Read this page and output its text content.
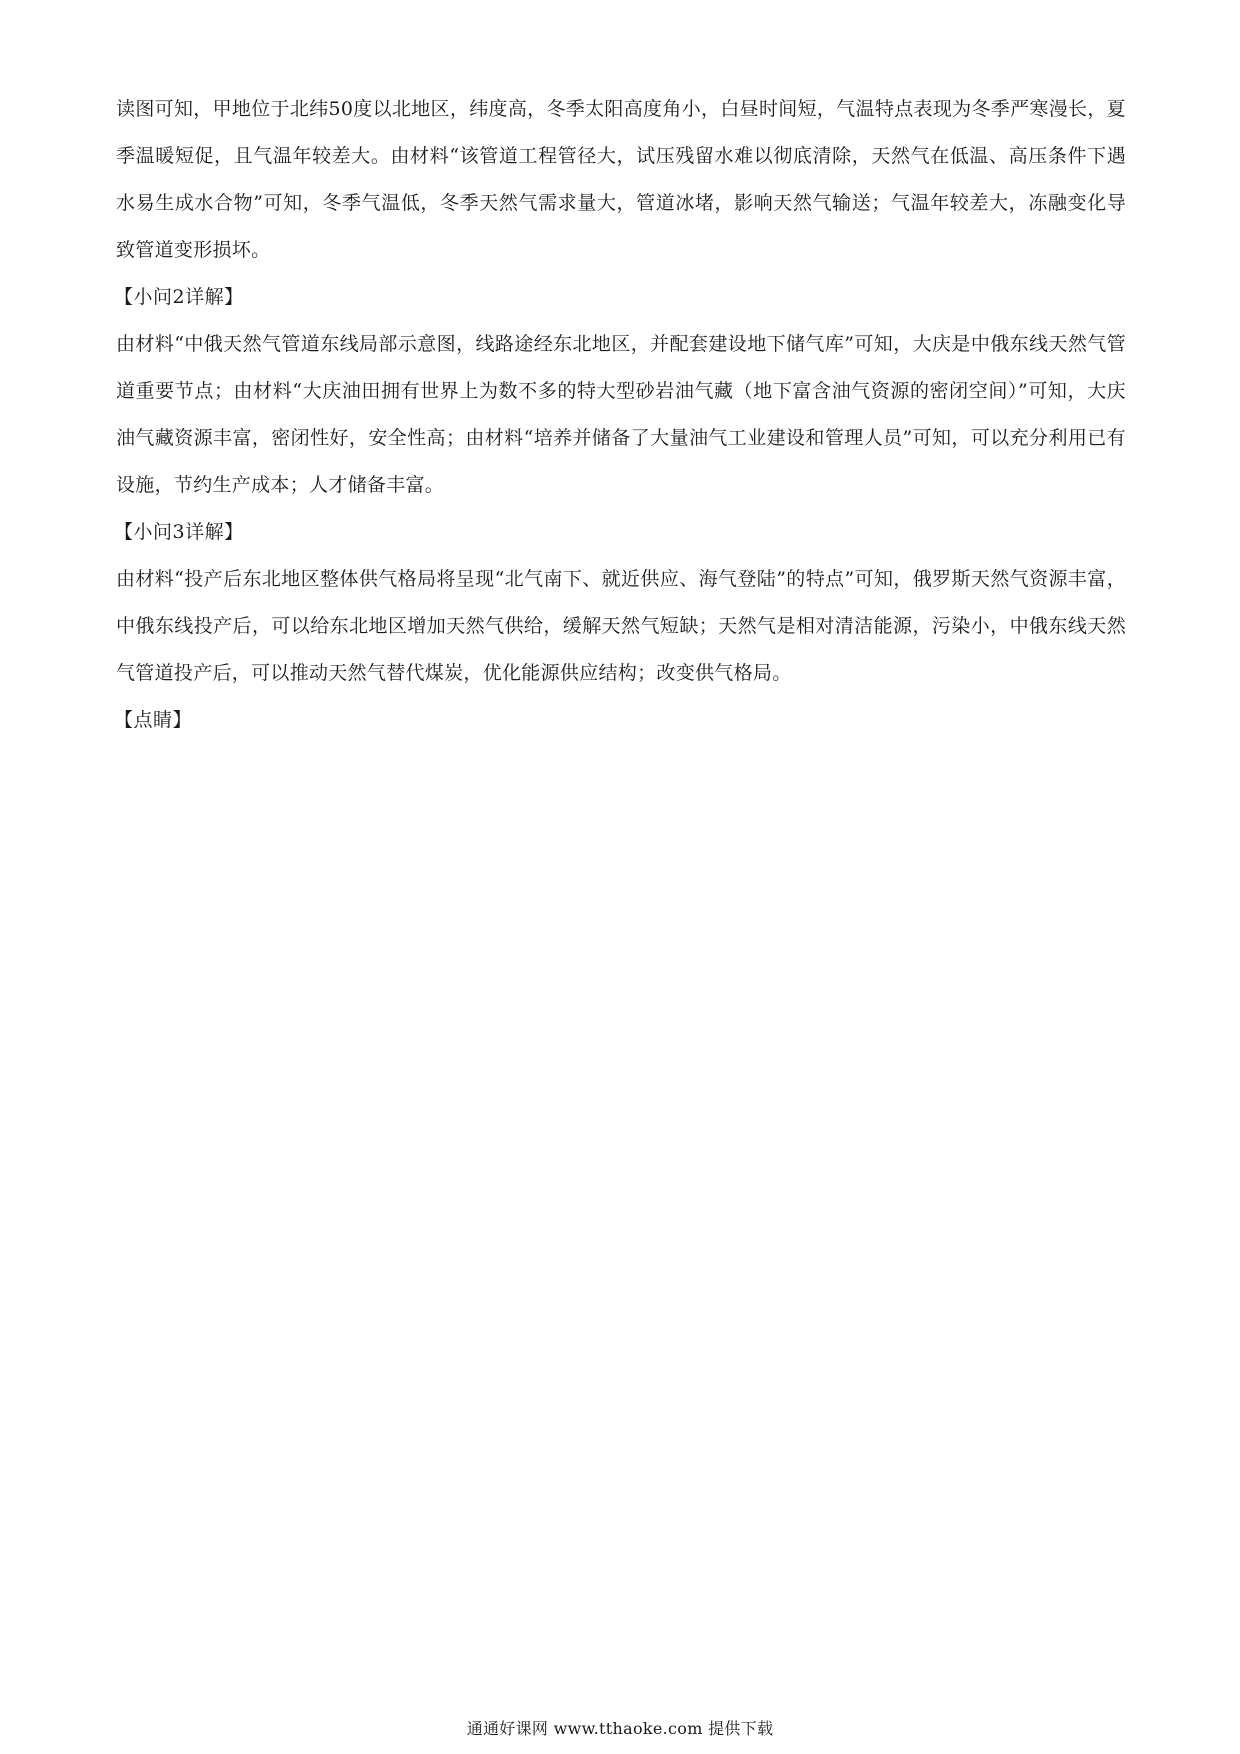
读图可知，甲地位于北纬50度以北地区，纬度高，冬季太阳高度角小，白昼时间短，气温特点表现为冬季严寒漫长，夏季温暖短促，且气温年较差大。由材料“该管道工程管径大，试压残留水难以彻底清除，天然气在低温、高压条件下遇水易生成水合物”可知，冬季气温低，冬季天然气需求量大，管道冰堵，影响天然气输送；气温年较差大，冻融变化导致管道变形损坏。

【小问2详解】

由材料“中俄天然气管道东线局部示意图，线路途经东北地区，并配套建设地下储气库”可知，大庆是中俄东线天然气管道重要节点；由材料“大庆油田拥有世界上为数不多的特大型砂岩油气藏（地下富含油气资源的密闭空间）”可知，大庆油气藏资源丰富，密闭性好，安全性高；由材料“培养并储备了大量油气工业建设和管理人员”可知，可以充分利用已有设施，节约生产成本；人才储备丰富。

【小问3详解】

由材料“投产后东北地区整体供气格局将呈现“北气南下、就近供应、海气登陆”的特点”可知，俄罗斯天然气资源丰富，中俄东线投产后，可以给东北地区增加天然气供给，缓解天然气短缺；天然气是相对清洁能源，污染小，中俄东线天然气管道投产后，可以推动天然气替代煤炭，优化能源供应结构；改变供气格局。

【点睛】

通通好课网 www.tthaoke.com 提供下载
